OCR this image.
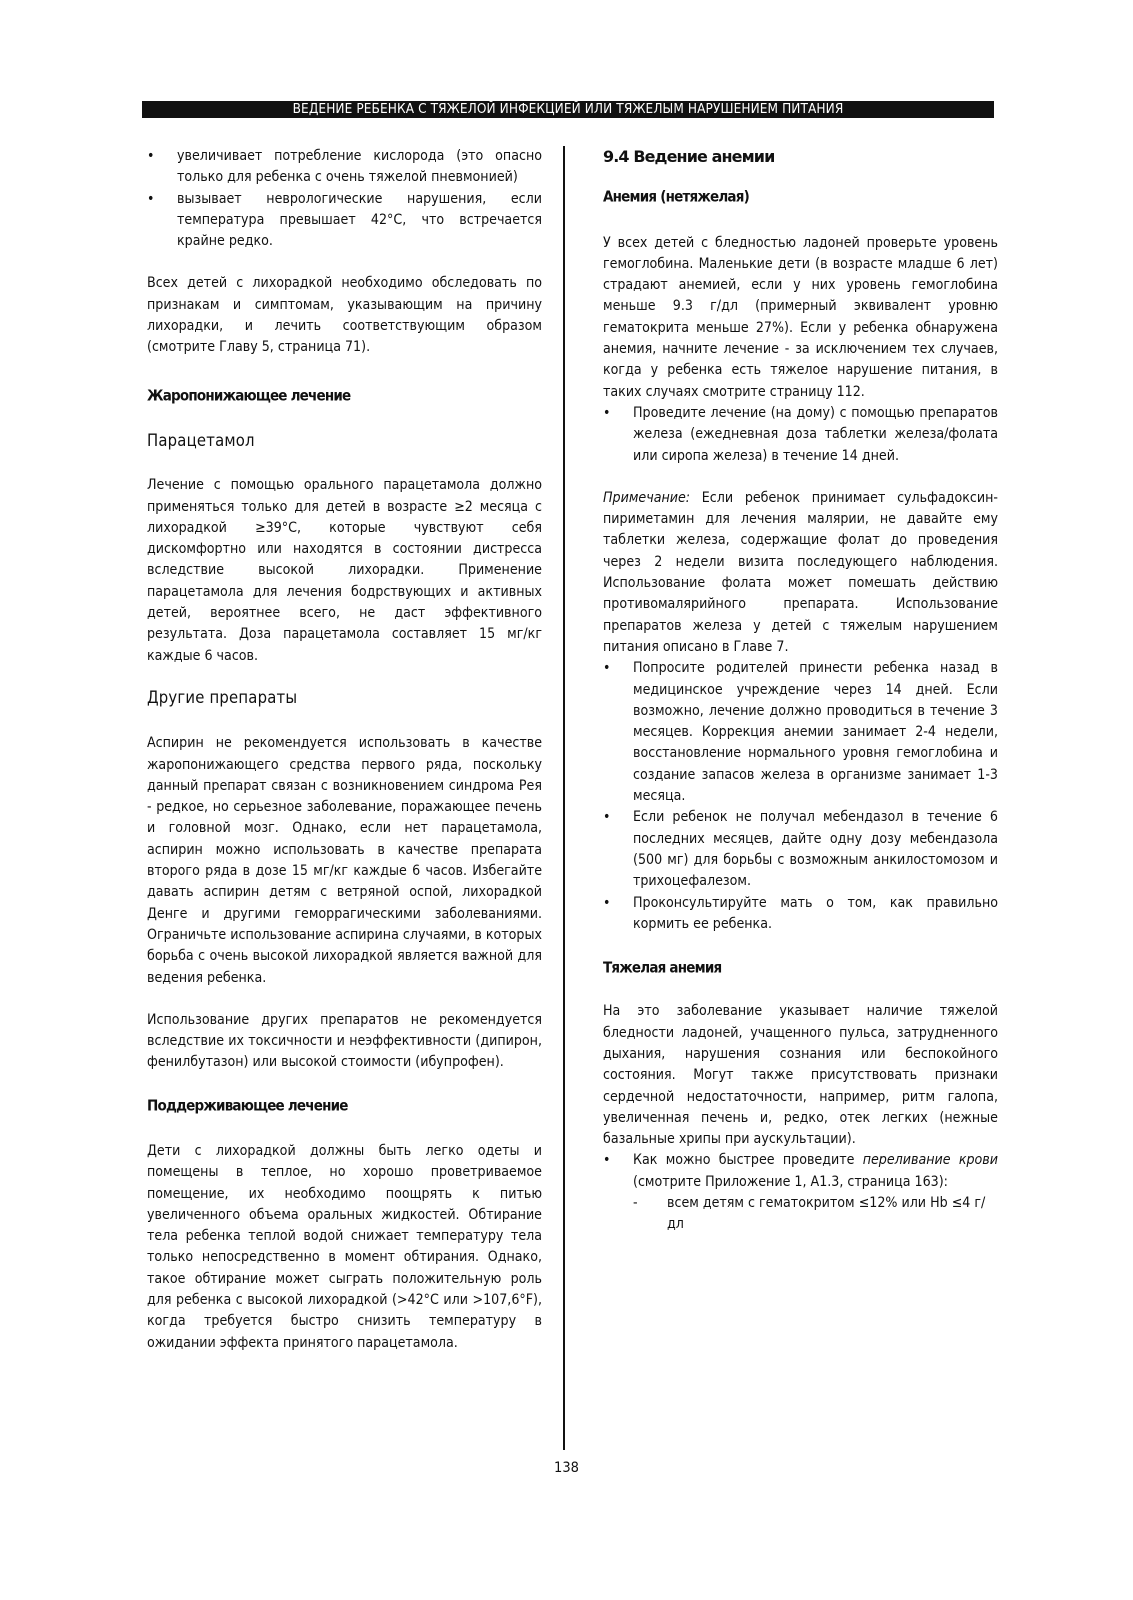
ВЕДЕНИЕ РЕБЕНКА С ТЯЖЕЛОЙ ИНФЕКЦИЕЙ ИЛИ ТЯЖЕЛЫМ НАРУШЕНИЕМ ПИТАНИЯ
• увеличивает потребление кислорода (это опасно только для ребенка с очень тяжелой пневмонией)
• вызывает неврологические нарушения, если температура превышает 42°C, что встречается крайне редко.

Всех детей с лихорадкой необходимо обследовать по признакам и симптомам, указывающим на причину лихорадки, и лечить соответствующим образом (смотрите Главу 5, страница 71).

Жаропонижающее лечение

Парацетамол

Лечение с помощью орального парацетамола должно применяться только для детей в возрасте ≥2 месяца с лихорадкой ≥39°C, которые чувствуют себя дискомфортно или находятся в состоянии дистресса вследствие высокой лихорадки. Применение парацетамола для лечения бодрствующих и активных детей, вероятнее всего, не даст эффективного результата. Доза парацетамола составляет 15 мг/кг каждые 6 часов.

Другие препараты

Аспирин не рекомендуется использовать в качестве жаропонижающего средства первого ряда, поскольку данный препарат связан с возникновением синдрома Рея - редкое, но серьезное заболевание, поражающее печень и головной мозг. Однако, если нет парацетамола, аспирин можно использовать в качестве препарата второго ряда в дозе 15 мг/кг каждые 6 часов. Избегайте давать аспирин детям с ветряной оспой, лихорадкой Денге и другими геморрагическими заболеваниями. Ограничьте использование аспирина случаями, в которых борьба с очень высокой лихорадкой является важной для ведения ребенка.

Использование других препаратов не рекомендуется вследствие их токсичности и неэффективности (дипирон, фенилбутазон) или высокой стоимости (ибупрофен).

Поддерживающее лечение

Дети с лихорадкой должны быть легко одеты и помещены в теплое, но хорошо проветриваемое помещение, их необходимо поощрять к питью увеличенного объема оральных жидкостей. Обтирание тела ребенка теплой водой снижает температуру тела только непосредственно в момент обтирания. Однако, такое обтирание может сыграть положительную роль для ребенка с высокой лихорадкой (>42°C или >107,6°F), когда требуется быстро снизить температуру в ожидании эффекта принятого парацетамола.

9.4 Ведение анемии

Анемия (нетяжелая)

У всех детей с бледностью ладоней проверьте уровень гемоглобина. Маленькие дети (в возрасте младше 6 лет) страдают анемией, если у них уровень гемоглобина меньше 9.3 г/дл (примерный эквивалент уровню гематокрита меньше 27%). Если у ребенка обнаружена анемия, начните лечение - за исключением тех случаев, когда у ребенка есть тяжелое нарушение питания, в таких случаях смотрите страницу 112.

• Проведите лечение (на дому) с помощью препаратов железа (ежедневная доза таблетки железа/фолата или сиропа железа) в течение 14 дней.

Примечание: Если ребенок принимает сульфадоксин-пириметамин для лечения малярии, не давайте ему таблетки железа, содержащие фолат до проведения через 2 недели визита последующего наблюдения. Использование фолата может помешать действию противомалярийного препарата. Использование препаратов железа у детей с тяжелым нарушением питания описано в Главе 7.

• Попросите родителей принести ребенка назад в медицинское учреждение через 14 дней. Если возможно, лечение должно проводиться в течение 3 месяцев. Коррекция анемии занимает 2-4 недели, восстановление нормального уровня гемоглобина и создание запасов железа в организме занимает 1-3 месяца.
• Если ребенок не получал мебендазол в течение 6 последних месяцев, дайте одну дозу мебендазола (500 мг) для борьбы с возможным анкилостомозом и трихоцефалезом.
• Проконсультируйте мать о том, как правильно кормить ее ребенка.

Тяжелая анемия

На это заболевание указывает наличие тяжелой бледности ладоней, учащенного пульса, затрудненного дыхания, нарушения сознания или беспокойного состояния. Могут также присутствовать признаки сердечной недостаточности, например, ритм галопа, увеличенная печень и, редко, отек легких (нежные базальные хрипы при аускультации).

• Как можно быстрее проведите переливание крови (смотрите Приложение 1, A1.3, страница 163):
- всем детям с гематокритом ≤12% или Hb ≤4 г/дл
138
